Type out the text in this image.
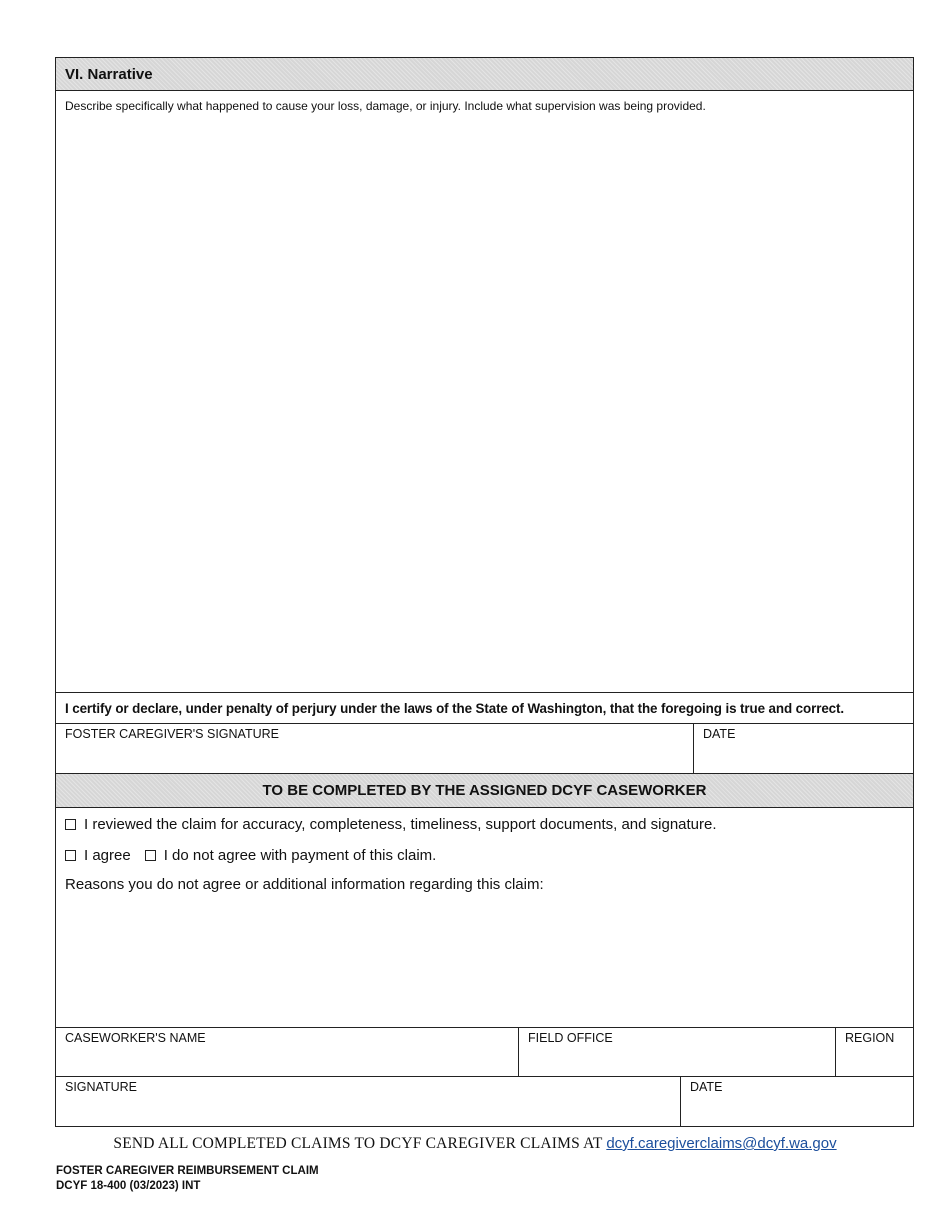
VI. Narrative
Describe specifically what happened to cause your loss, damage, or injury. Include what supervision was being provided.
I certify or declare, under penalty of perjury under the laws of the State of Washington, that the foregoing is true and correct.
FOSTER CAREGIVER'S SIGNATURE	DATE
TO BE COMPLETED BY THE ASSIGNED DCYF CASEWORKER
I reviewed the claim for accuracy, completeness, timeliness, support documents, and signature.
I agree I do not agree with payment of this claim.
Reasons you do not agree or additional information regarding this claim:
CASEWORKER'S NAME	FIELD OFFICE	REGION
SIGNATURE	DATE
SEND ALL COMPLETED CLAIMS TO DCYF CAREGIVER CLAIMS AT dcyf.caregiverclaims@dcyf.wa.gov
FOSTER CAREGIVER REIMBURSEMENT CLAIM
DCYF 18-400 (03/2023) INT
